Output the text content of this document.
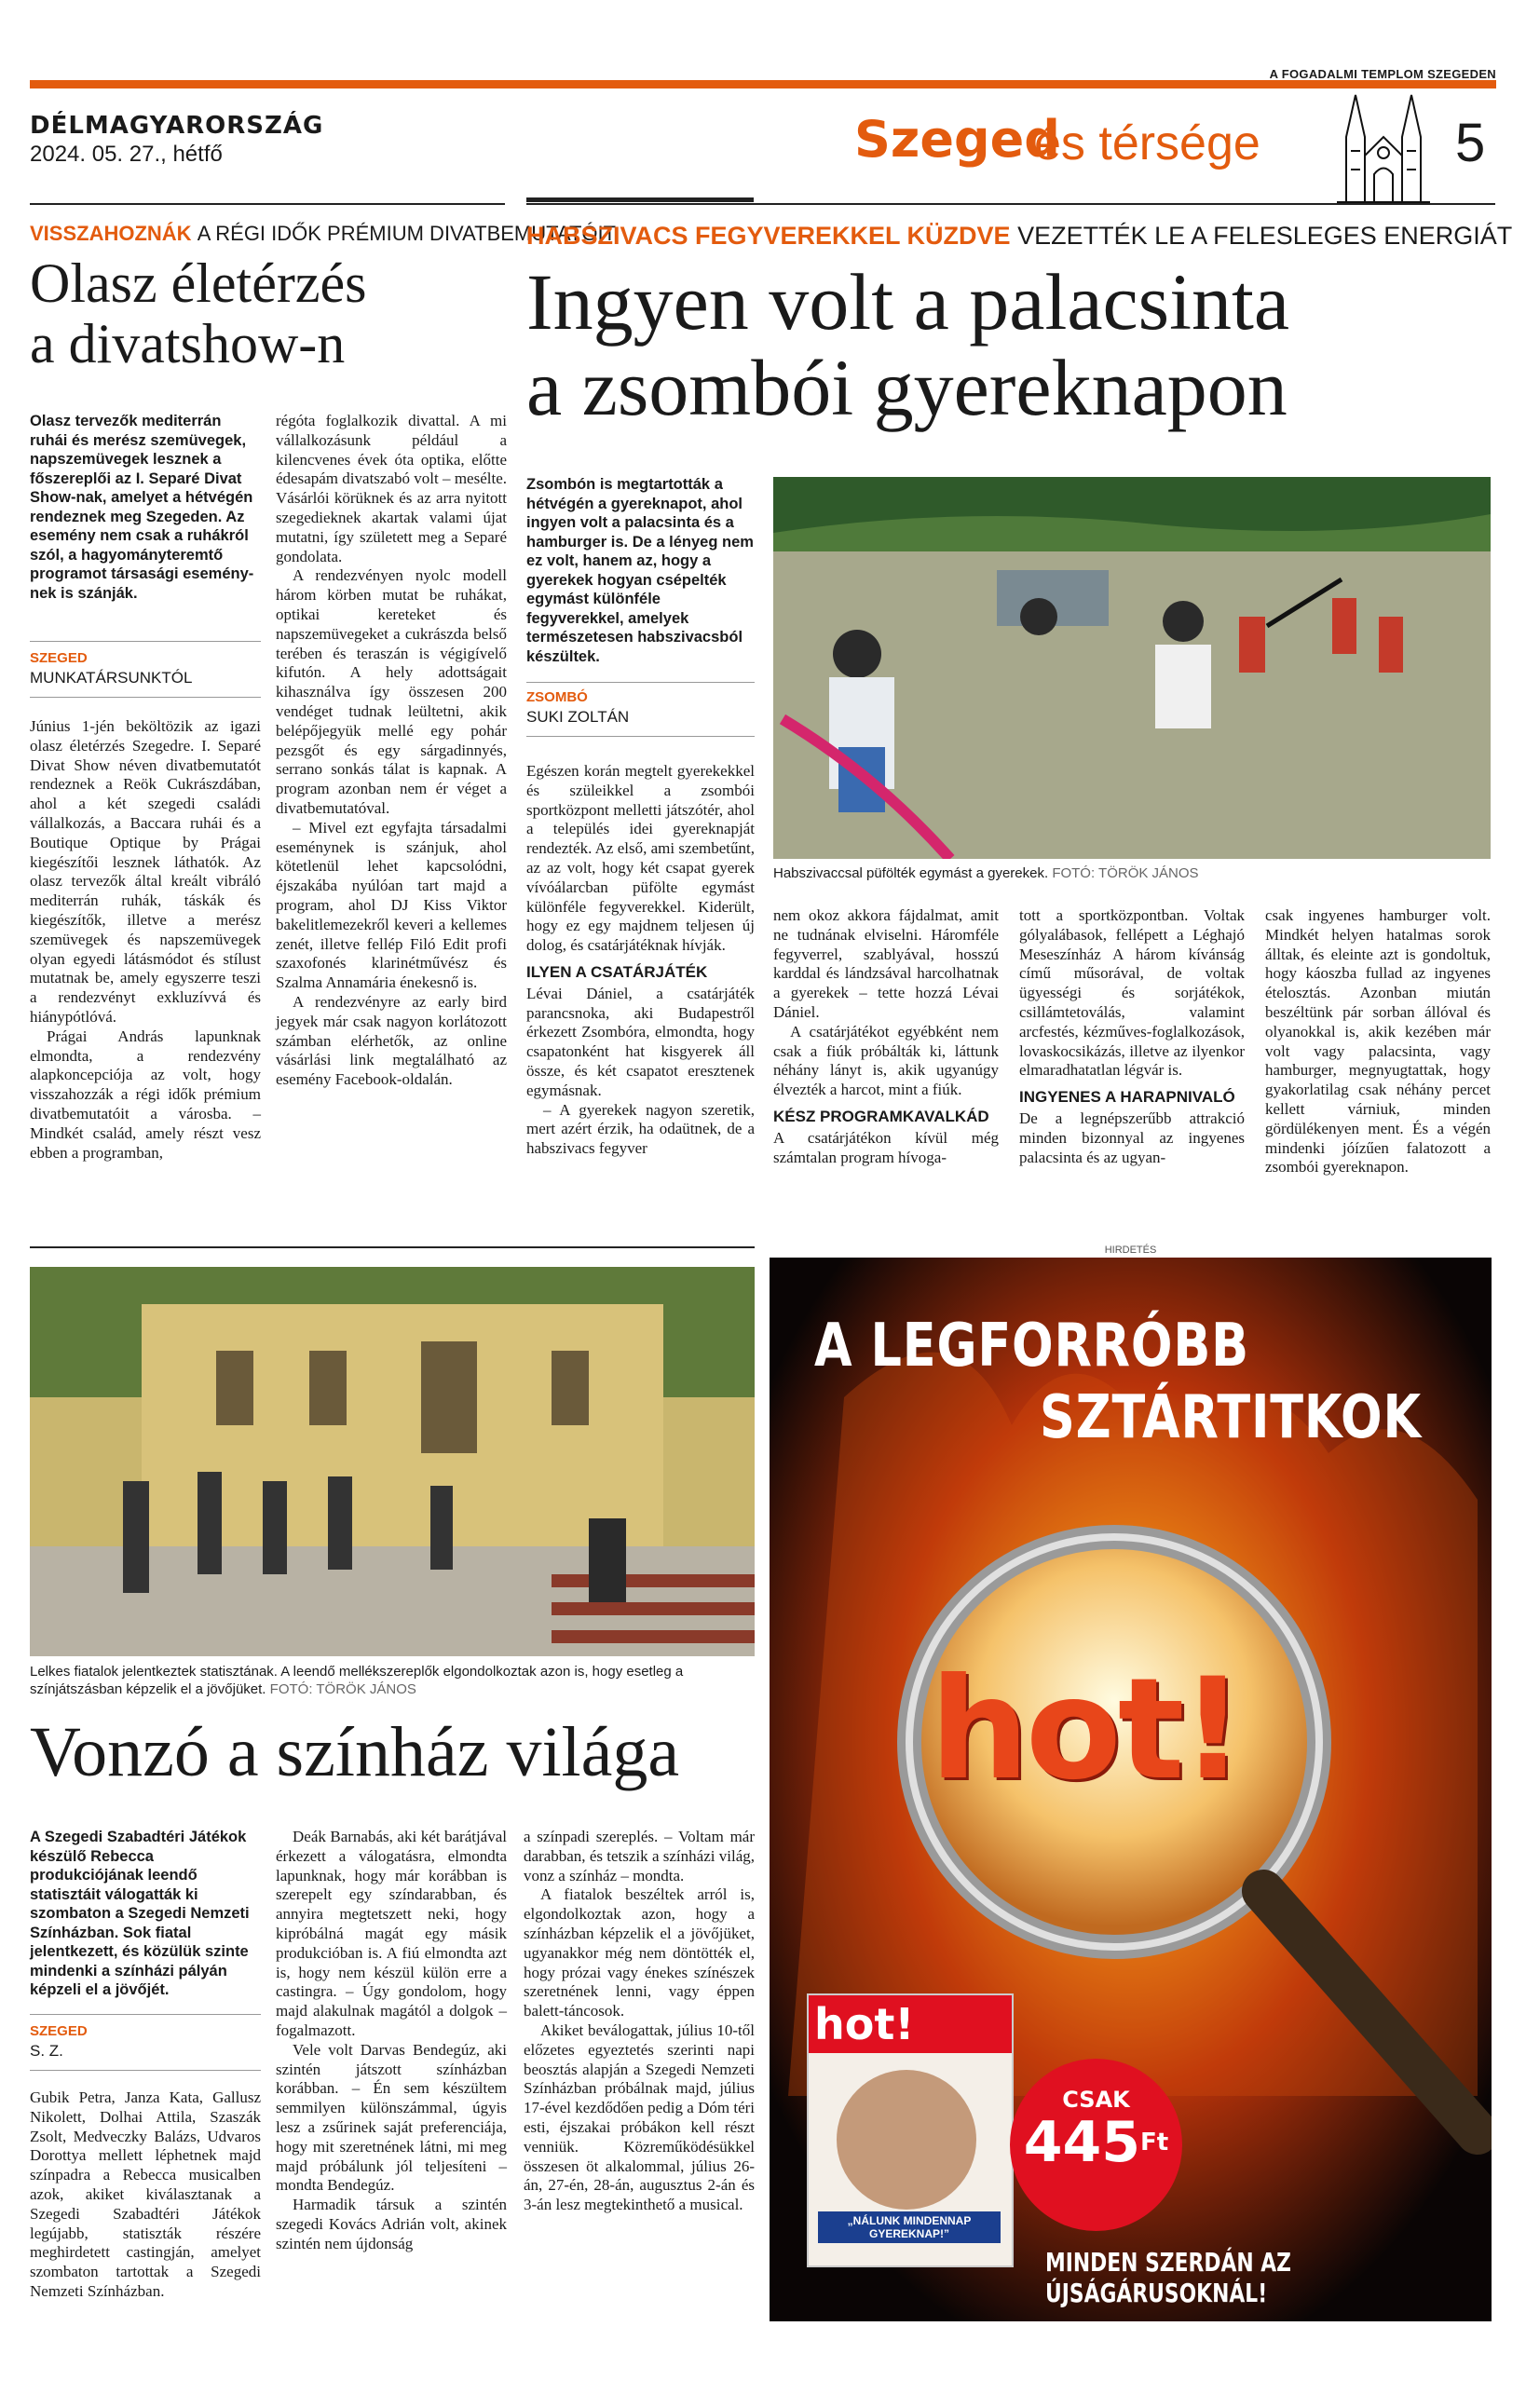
A FOGADALMI TEMPLOM SZEGEDEN
DÉLMAGYARORSZÁG
2024. 05. 27., hétfő	Szeged
és térsége	5
VISSZAHOZNÁK A RÉGI IDŐK PRÉMIUM DIVATBEMUTATÓIT
Olasz életérzés
a divatshow-n
Olasz tervezők mediterrán ruhái és merész szemüvegek, napszemüvegek lesznek a főszereplői az I. Separé Divat Show-nak, amelyet a hétvégén rendeznek meg Szegeden. Az esemény nem csak a ruhákról szól, a hagyományteremtő programot társasági esemény-nek is szánják.
SZEGED
MUNKATÁRSUNKTÓL

Június 1-jén beköltözik az igazi olasz életérzés Szegedre. I. Separé Divat Show néven divatbemutatót rendeznek a Reök Cukrászdában, ahol a két szegedi családi vállalkozás, a Baccara ruhái és a Boutique Optique by Prágai kiegészítői lesznek láthatók. Az olasz tervezők által kreált vibráló mediterrán ruhák, táskák és kiegészítők, illetve a merész szemüvegek és napszemüvegek olyan egyedi látásmódot és stílust mutatnak be, amely egyszerre teszi a rendezvényt exkluzívvá és hiánypótlóvá.

Prágai András lapunknak elmondta, a rendezvény alapkoncepciója az volt, hogy visszahozzák a régi idők prémium divatbemutatóit a városba. – Mindkét család, amely részt vesz ebben a programban,

régóta foglalkozik divattal. A mi vállalkozásunk például a kilencvenes évek óta optika, előtte édesapám divatszabó volt – mesélte. Vásárlói körüknek és az arra nyitott szegedieknek akartak valami újat mutatni, így született meg a Separé gondolata.

A rendezvényen nyolc modell három körben mutat be ruhákat, optikai kereteket és napszemüvegeket a cukrászda belső terében és teraszán is végigívelő kifutón. A hely adottságait kihasználva így összesen 200 vendéget tudnak leültetni, akik belépőjegyük mellé egy pohár pezsgőt és egy sárgadinnyés, serrano sonkás tálat is kapnak. A program azonban nem ér véget a divatbemutatóval.

– Mivel ezt egyfajta társadalmi eseménynek is szánjuk, ahol kötetlenül lehet kapcsolódni, éjszakába nyúlóan tart majd a program, ahol DJ Kiss Viktor bakelitlemezekről keveri a kellemes zenét, illetve fellép Filó Edit profi szaxofonés klarinétművész és Szalma Annamária énekesnő is.

A rendezvényre az early bird jegyek már csak nagyon korlátozott számban elérhetők, az online vásárlási link megtalálható az esemény Facebook-oldalán.

HABSZIVACS FEGYVEREKKEL KÜZDVE VEZETTÉK LE A FELESLEGES ENERGIÁT
Ingyen volt a palacsinta
a zsombói gyereknapon
Zsombón is megtartották a hétvégén a gyereknapot, ahol ingyen volt a palacsinta és a hamburger is. De a lényeg nem ez volt, hanem az, hogy a gyerekek hogyan csépelték egymást különféle fegyverekkel, amelyek természetesen habszivacsból készültek.
ZSOMBÓ
SUKI ZOLTÁN
Habszivaccsal püfölték egymást a gyerekek. FOTÓ: TÖRÖK JÁNOS

Egészen korán megtelt gyerekekkel és szüleikkel a zsombói sportközpont melletti játszótér, ahol a település idei gyereknapját rendezték. Az első, ami szembetűnt, az az volt, hogy két csapat gyerek vívóálarcban püfölte egymást különféle fegyverekkel. Kiderült, hogy ez egy majdnem teljesen új dolog, és csatárjátéknak hívják.

ILYEN A CSATÁRJÁTÉK

Lévai Dániel, a csatárjáték parancsnoka, aki Budapestről érkezett Zsombóra, elmondta, hogy csapatonként hat kisgyerek áll össze, és két csapatot eresztenek egymásnak.

– A gyerekek nagyon szeretik, mert azért érzik, ha odaütnek, de a habszivacs fegyver

nem okoz akkora fájdalmat, amit ne tudnának elviselni. Háromféle fegyverrel, szablyával, hosszú karddal és lándzsával harcolhatnak a gyerekek – tette hozzá Lévai Dániel.

A csatárjátékot egyébként nem csak a fiúk próbálták ki, láttunk néhány lányt is, akik ugyanúgy élvezték a harcot, mint a fiúk.

KÉSZ PROGRAMKAVALKÁD

A csatárjátékon kívül még számtalan program hívoga-

tott a sportközpontban. Voltak gólyalábasok, fellépett a Léghajó Meseszínház A három kívánság című műsorával, de voltak ügyességi és sorjátékok, csillámtetoválás, valamint arcfestés, kézműves-foglalkozások, lovaskocsikázás, illetve az ilyenkor elmaradhatatlan légvár is.

INGYENES A HARAPNIVALÓ

De a legnépszerűbb attrakció minden bizonnyal az ingyenes palacsinta és az ugyan-

csak ingyenes hamburger volt. Mindkét helyen hatalmas sorok álltak, és eleinte azt is gondoltuk, hogy káoszba fullad az ingyenes ételosztás. Azonban miután beszéltünk pár sorban állóval és olyanokkal is, akik kezében már volt vagy palacsinta, vagy hamburger, megnyugtattak, hogy gyakorlatilag csak néhány percet kellett várniuk, minden gördülékenyen ment. És a végén mindenki jóízűen falatozott a zsombói gyereknapon.

Lelkes fiatalok jelentkeztek statisztának. A leendő mellékszereplők elgondolkoztak azon is, hogy esetleg a színjátszásban képzelik el a jövőjüket. FOTÓ: TÖRÖK JÁNOS
Vonzó a színház világa
A Szegedi Szabadtéri Játékok készülő Rebecca produkciójának leendő statisztáit válogatták ki szombaton a Szegedi Nemzeti Színházban. Sok fiatal jelentkezett, és közülük szinte mindenki a színházi pályán képzeli el a jövőjét.
SZEGED
S. Z.

Gubik Petra, Janza Kata, Gallusz Nikolett, Dolhai Attila, Szaszák Zsolt, Medveczky Balázs, Udvaros Dorottya mellett léphetnek majd színpadra a Rebecca musicalben azok, akiket kiválasztanak a Szegedi Szabadtéri Játékok legújabb, statiszták részére meghirdetett castingján, amelyet szombaton tartottak a Szegedi Nemzeti Színházban.

Deák Barnabás, aki két barátjával érkezett a válogatásra, elmondta lapunknak, hogy már korábban is szerepelt egy színdarabban, és annyira megtetszett neki, hogy kipróbálná magát egy másik produkcióban is. A fiú elmondta azt is, hogy nem készül külön erre a castingra. – Úgy gondolom, hogy majd alakulnak magától a dolgok – fogalmazott.

Vele volt Darvas Bendegúz, aki szintén játszott színházban korábban. – Én sem készültem semmilyen különszámmal, úgyis lesz a zsűrinek saját preferenciája, hogy mit szeretnének látni, mi meg majd próbálunk jól teljesíteni – mondta Bendegúz.

Harmadik társuk a szintén szegedi Kovács Adrián volt, akinek szintén nem újdonság

a színpadi szereplés. – Voltam már darabban, és tetszik a színházi világ, vonz a színház – mondta.

A fiatalok beszéltek arról is, elgondolkoztak azon, hogy a színházban képzelik el a jövőjüket, ugyanakkor még nem döntötték el, hogy prózai vagy énekes színészek szeretnének lenni, vagy éppen balett-táncosok.

Akiket beválogattak, július 10-től előzetes egyeztetés szerinti napi beosztás alapján a Szegedi Nemzeti Színházban próbálnak majd, július 17-ével kezdődően pedig a Dóm téri esti, éjszakai próbákon kell részt venniük. Közreműködésükkel összesen öt alkalommal, július 26-án, 27-én, 28-án, augusztus 2-án és 3-án lesz megtekinthető a musical.

HIRDETÉS
A LEGFORRÓBB
SZTÁRTITKOK
hot!
hot!
„NÁLUNK MINDENNAP GYEREKNAP!”
CSAK
$445^{Ft}$
MINDEN SZERDÁN AZ ÚJSÁGÁRUSOKNÁL!
